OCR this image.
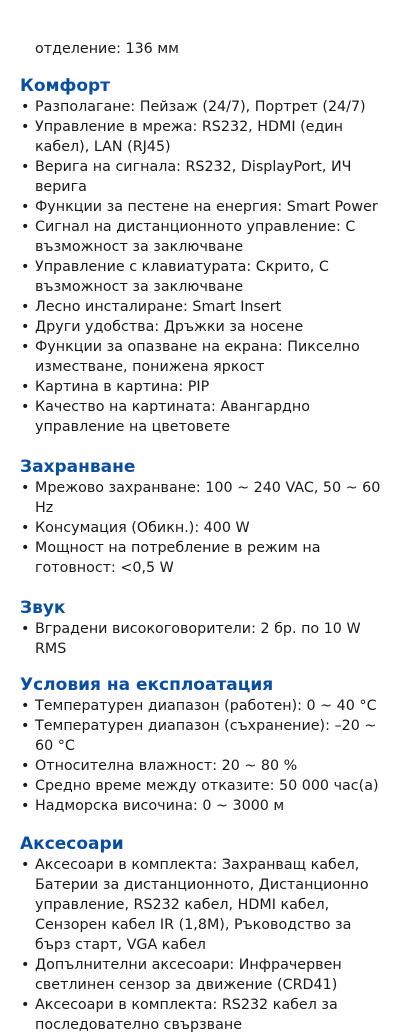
отделение: 136 мм

Комфорт
• Разполагане: Пейзаж (24/7), Портрет (24/7)
• Управление в мрежа: RS232, HDMI (един кабел), LAN (RJ45)
• Верига на сигнала: RS232, DisplayPort, ИЧ верига
• Функции за пестене на енергия: Smart Power
• Сигнал на дистанционното управление: С възможност за заключване
• Управление с клавиатурата: Скрито, С възможност за заключване
• Лесно инсталиране: Smart Insert
• Други удобства: Дръжки за носене
• Функции за опазване на екрана: Пикселно изместване, понижена яркост
• Картина в картина: PIP
• Качество на картината: Авангардно управление на цветовете
Захранване
• Мрежово захранване: 100 ~ 240 VAC, 50 ~ 60 Hz
• Консумация (Обикн.): 400 W
• Мощност на потребление в режим на готовност: <0,5 W
Звук
• Вградени високоговорители: 2 бр. по 10 W RMS
Условия на експлоатация
• Температурен диапазон (работен): 0 ~ 40 °C
• Температурен диапазон (съхранение): –20 ~ 60 °C
• Относителна влажност: 20 ~ 80 %
• Средно време между отказите: 50 000 час(а)
• Надморска височина: 0 ~ 3000 м
Аксесоари
• Аксесоари в комплекта: Захранващ кабел, Батерии за дистанционното, Дистанционно управление, RS232 кабел, HDMI кабел, Сензорен кабел IR (1,8M), Ръководство за бърз старт, VGA кабел
• Допълнителни аксесоари: Инфрачервен светлинен сензор за движение (CRD41)
• Аксесоари в комплекта: RS232 кабел за последователно свързване
